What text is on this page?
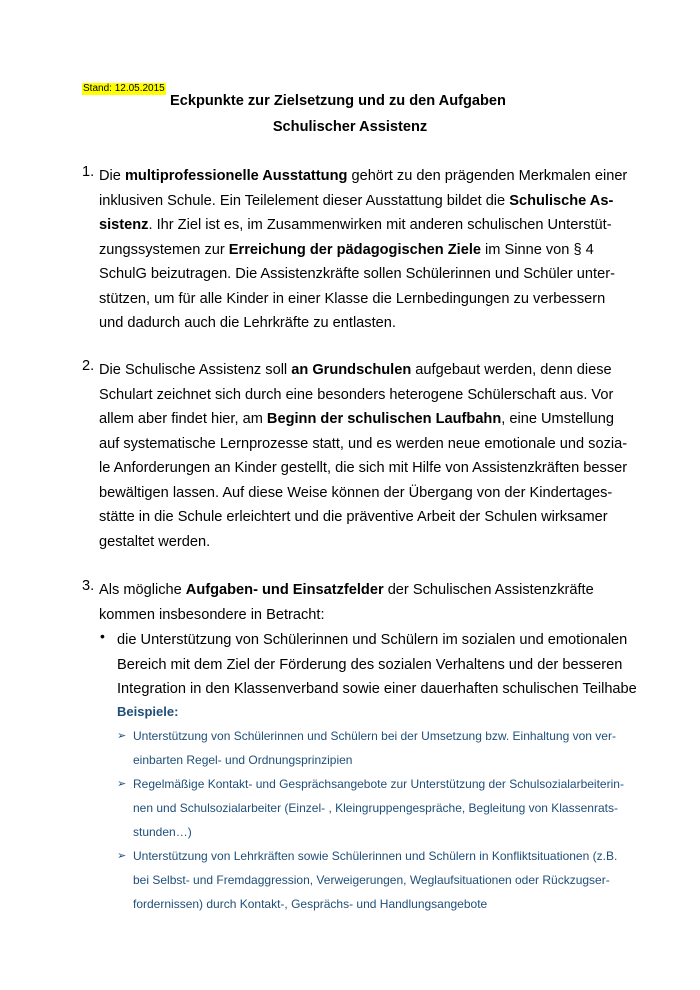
Stand: 12.05.2015
Eckpunkte zur Zielsetzung und zu den Aufgaben
Schulischer Assistenz
1. Die multiprofessionelle Ausstattung gehört zu den prägenden Merkmalen einer
inklusiven Schule. Ein Teilelement dieser Ausstattung bildet die Schulische As-
sistenz. Ihr Ziel ist es, im Zusammenwirken mit anderen schulischen Unterstüt-
zungssystemen zur Erreichung der pädagogischen Ziele im Sinne von § 4
SchulG beizutragen. Die Assistenzkräfte sollen Schülerinnen und Schüler unter-
stützen, um für alle Kinder in einer Klasse die Lernbedingungen zu verbessern
und dadurch auch die Lehrkräfte zu entlasten.
2. Die Schulische Assistenz soll an Grundschulen aufgebaut werden, denn diese
Schulart zeichnet sich durch eine besonders heterogene Schülerschaft aus. Vor
allem aber findet hier, am Beginn der schulischen Laufbahn, eine Umstellung
auf systematische Lernprozesse statt, und es werden neue emotionale und sozia-
le Anforderungen an Kinder gestellt, die sich mit Hilfe von Assistenzkräften besser
bewältigen lassen. Auf diese Weise können der Übergang von der Kindertages-
stätte in die Schule erleichtert und die präventive Arbeit der Schulen wirksamer
gestaltet werden.
3. Als mögliche Aufgaben- und Einsatzfelder der Schulischen Assistenzkräfte
kommen insbesondere in Betracht:
• die Unterstützung von Schülerinnen und Schülern im sozialen und emotionalen
Bereich mit dem Ziel der Förderung des sozialen Verhaltens und der besseren
Integration in den Klassenverband sowie einer dauerhaften schulischen Teilhabe
Beispiele:
➢ Unterstützung von Schülerinnen und Schülern bei der Umsetzung bzw. Einhaltung von ver-
einbarten Regel- und Ordnungsprinzipien
➢ Regelmäßige Kontakt- und Gesprächsangebote zur Unterstützung der Schulsozialarbeiterin-
nen und Schulsozialarbeiter (Einzel- , Kleingruppengespräche, Begleitung von Klassenrats-
stunden…)
➢ Unterstützung von Lehrkräften sowie Schülerinnen und Schülern in Konfliktsituationen (z.B.
bei Selbst- und Fremdaggression, Verweigerungen, Weglaufsituationen oder Rückzugser-
fordernissen) durch Kontakt-, Gesprächs- und Handlungsangebote
